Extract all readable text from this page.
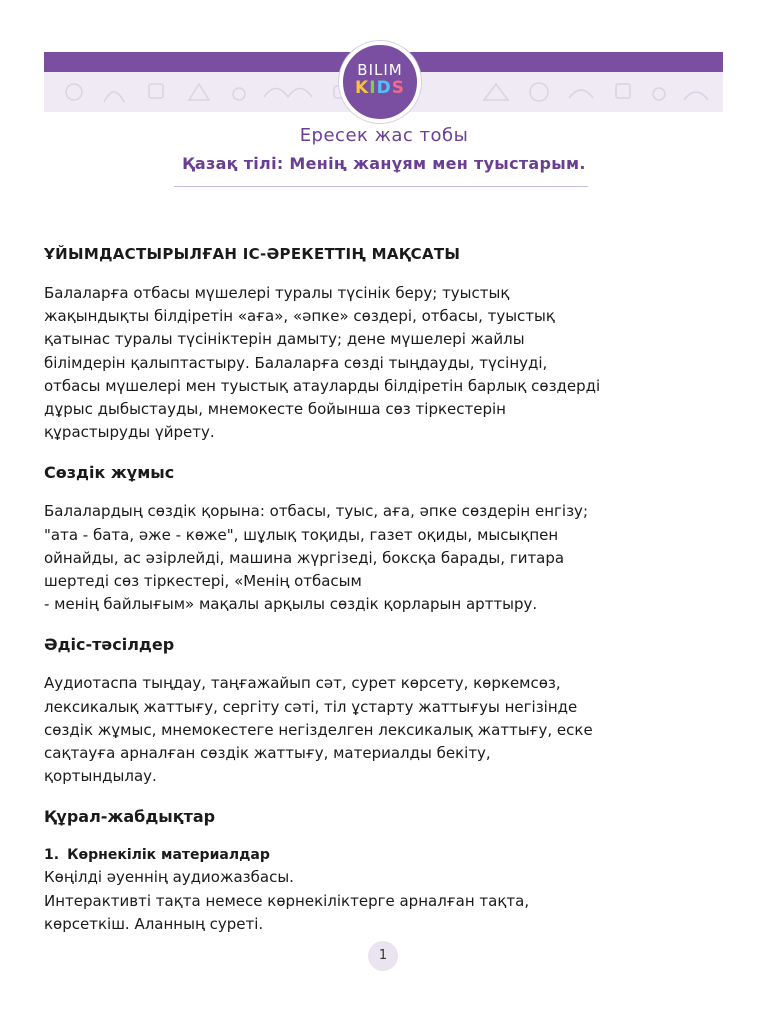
BILIM
KIDS
Ересек жас тобы
Қазақ тілі: Менің жанұям мен туыстарым.
ҰЙЫМДАСТЫРЫЛҒАН ІС-ӘРЕКЕТТІҢ МАҚСАТЫ
Балаларға отбасы мүшелері туралы түсінік беру; туыстық
жақындықты білдіретін «аға», «әпке» сөздері, отбасы, туыстық
қатынас туралы түсініктерін дамыту; дене мүшелері жайлы
білімдерін қалыптастыру. Балаларға сөзді тыңдауды, түсінуді,
отбасы мүшелері мен туыстық атауларды білдіретін барлық сөздерді
дұрыс дыбыстауды, мнемокесте бойынша сөз тіркестерін
құрастыруды үйрету.
Сөздік жұмыс
Балалардың сөздік қорына: отбасы, туыс, аға, әпке сөздерін енгізу;
"ата - бата, әже - көже", шұлық тоқиды, газет оқиды, мысықпен
ойнайды, ас әзірлейді, машина жүргізеді, боксқа барады, гитара
шертеді сөз тіркестері, «Менің отбасым
- менің байлығым» мақалы арқылы сөздік қорларын арттыру.
Әдіс-тәсілдер
Аудиотаспа тыңдау, таңғажайып сәт, сурет көрсету, көркемсөз,
лексикалық жаттығу, сергіту сәті, тіл ұстарту жаттығуы негізінде
сөздік жұмыс, мнемокестеге негізделген лексикалық жаттығу, еске
сақтауға арналған сөздік жаттығу, материалды бекіту,
қортындылау.
Құрал-жабдықтар
1. Көрнекілік материалдар
Көңілді әуеннің аудиожазбасы.
Интерактивті тақта немесе көрнекіліктерге арналған тақта,
көрсеткіш. Аланның суреті.
1
